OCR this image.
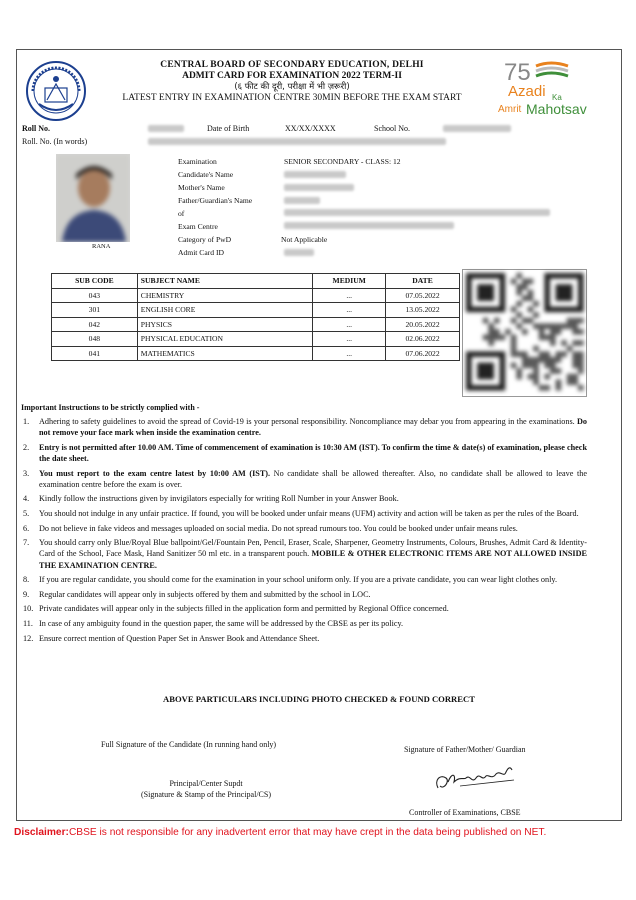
CENTRAL BOARD OF SECONDARY EDUCATION, DELHI
ADMIT CARD FOR EXAMINATION 2022 TERM-II
(६ फीट की दूरी, परीक्षा में भी ज़रूरी)
LATEST ENTRY IN EXAMINATION CENTRE 30MIN BEFORE THE EXAM START
75
Azadi Ka
Amrit Mahotsav
Roll No.	Date of Birth	XX/XX/XXXX	School No.
Roll. No. (In words)
RANA
Examination	SENIOR SECONDARY - CLASS: 12
Candidate's Name
Mother's Name
Father/Guardian's Name
of
Exam Centre
Category of PwD	Not Applicable
Admit Card ID
SUB CODE	SUBJECT NAME	MEDIUM	DATE
043	CHEMISTRY	...	07.05.2022
301	ENGLISH CORE	...	13.05.2022
042	PHYSICS	...	20.05.2022
048	PHYSICAL EDUCATION	...	02.06.2022
041	MATHEMATICS	...	07.06.2022
Important Instructions to be strictly complied with -
1. Adhering to safety guidelines to avoid the spread of Covid-19 is your personal responsibility. Noncompliance may debar you from appearing in the examinations. Do not remove your face mark when inside the examination centre.
2. Entry is not permitted after 10.00 AM. Time of commencement of examination is 10:30 AM (IST). To confirm the time & date(s) of examination, please check the date sheet.
3. You must report to the exam centre latest by 10:00 AM (IST). No candidate shall be allowed thereafter. Also, no candidate shall be allowed to leave the examination centre before the exam is over.
4. Kindly follow the instructions given by invigilators especially for writing Roll Number in your Answer Book.
5. You should not indulge in any unfair practice. If found, you will be booked under unfair means (UFM) activity and action will be taken as per the rules of the Board.
6. Do not believe in fake videos and messages uploaded on social media. Do not spread rumours too. You could be booked under unfair means rules.
7. You should carry only Blue/Royal Blue ballpoint/Gel/Fountain Pen, Pencil, Eraser, Scale, Sharpener, Geometry Instruments, Colours, Brushes, Admit Card & Identity-Card of the School, Face Mask, Hand Sanitizer 50 ml etc. in a transparent pouch. MOBILE & OTHER ELECTRONIC ITEMS ARE NOT ALLOWED INSIDE THE EXAMINATION CENTRE.
8. If you are regular candidate, you should come for the examination in your school uniform only. If you are a private candidate, you can wear light clothes only.
9. Regular candidates will appear only in subjects offered by them and submitted by the school in LOC.
10. Private candidates will appear only in the subjects filled in the application form and permitted by Regional Office concerned.
11. In case of any ambiguity found in the question paper, the same will be addressed by the CBSE as per its policy.
12. Ensure correct mention of Question Paper Set in Answer Book and Attendance Sheet.
ABOVE PARTICULARS INCLUDING PHOTO CHECKED & FOUND CORRECT
Full Signature of the Candidate (In running hand only)
Signature of Father/Mother/ Guardian
Principal/Center Supdt
(Signature & Stamp of the Principal/CS)
Controller of Examinations, CBSE
Disclaimer:CBSE is not responsible for any inadvertent error that may have crept in the data being published on NET.
